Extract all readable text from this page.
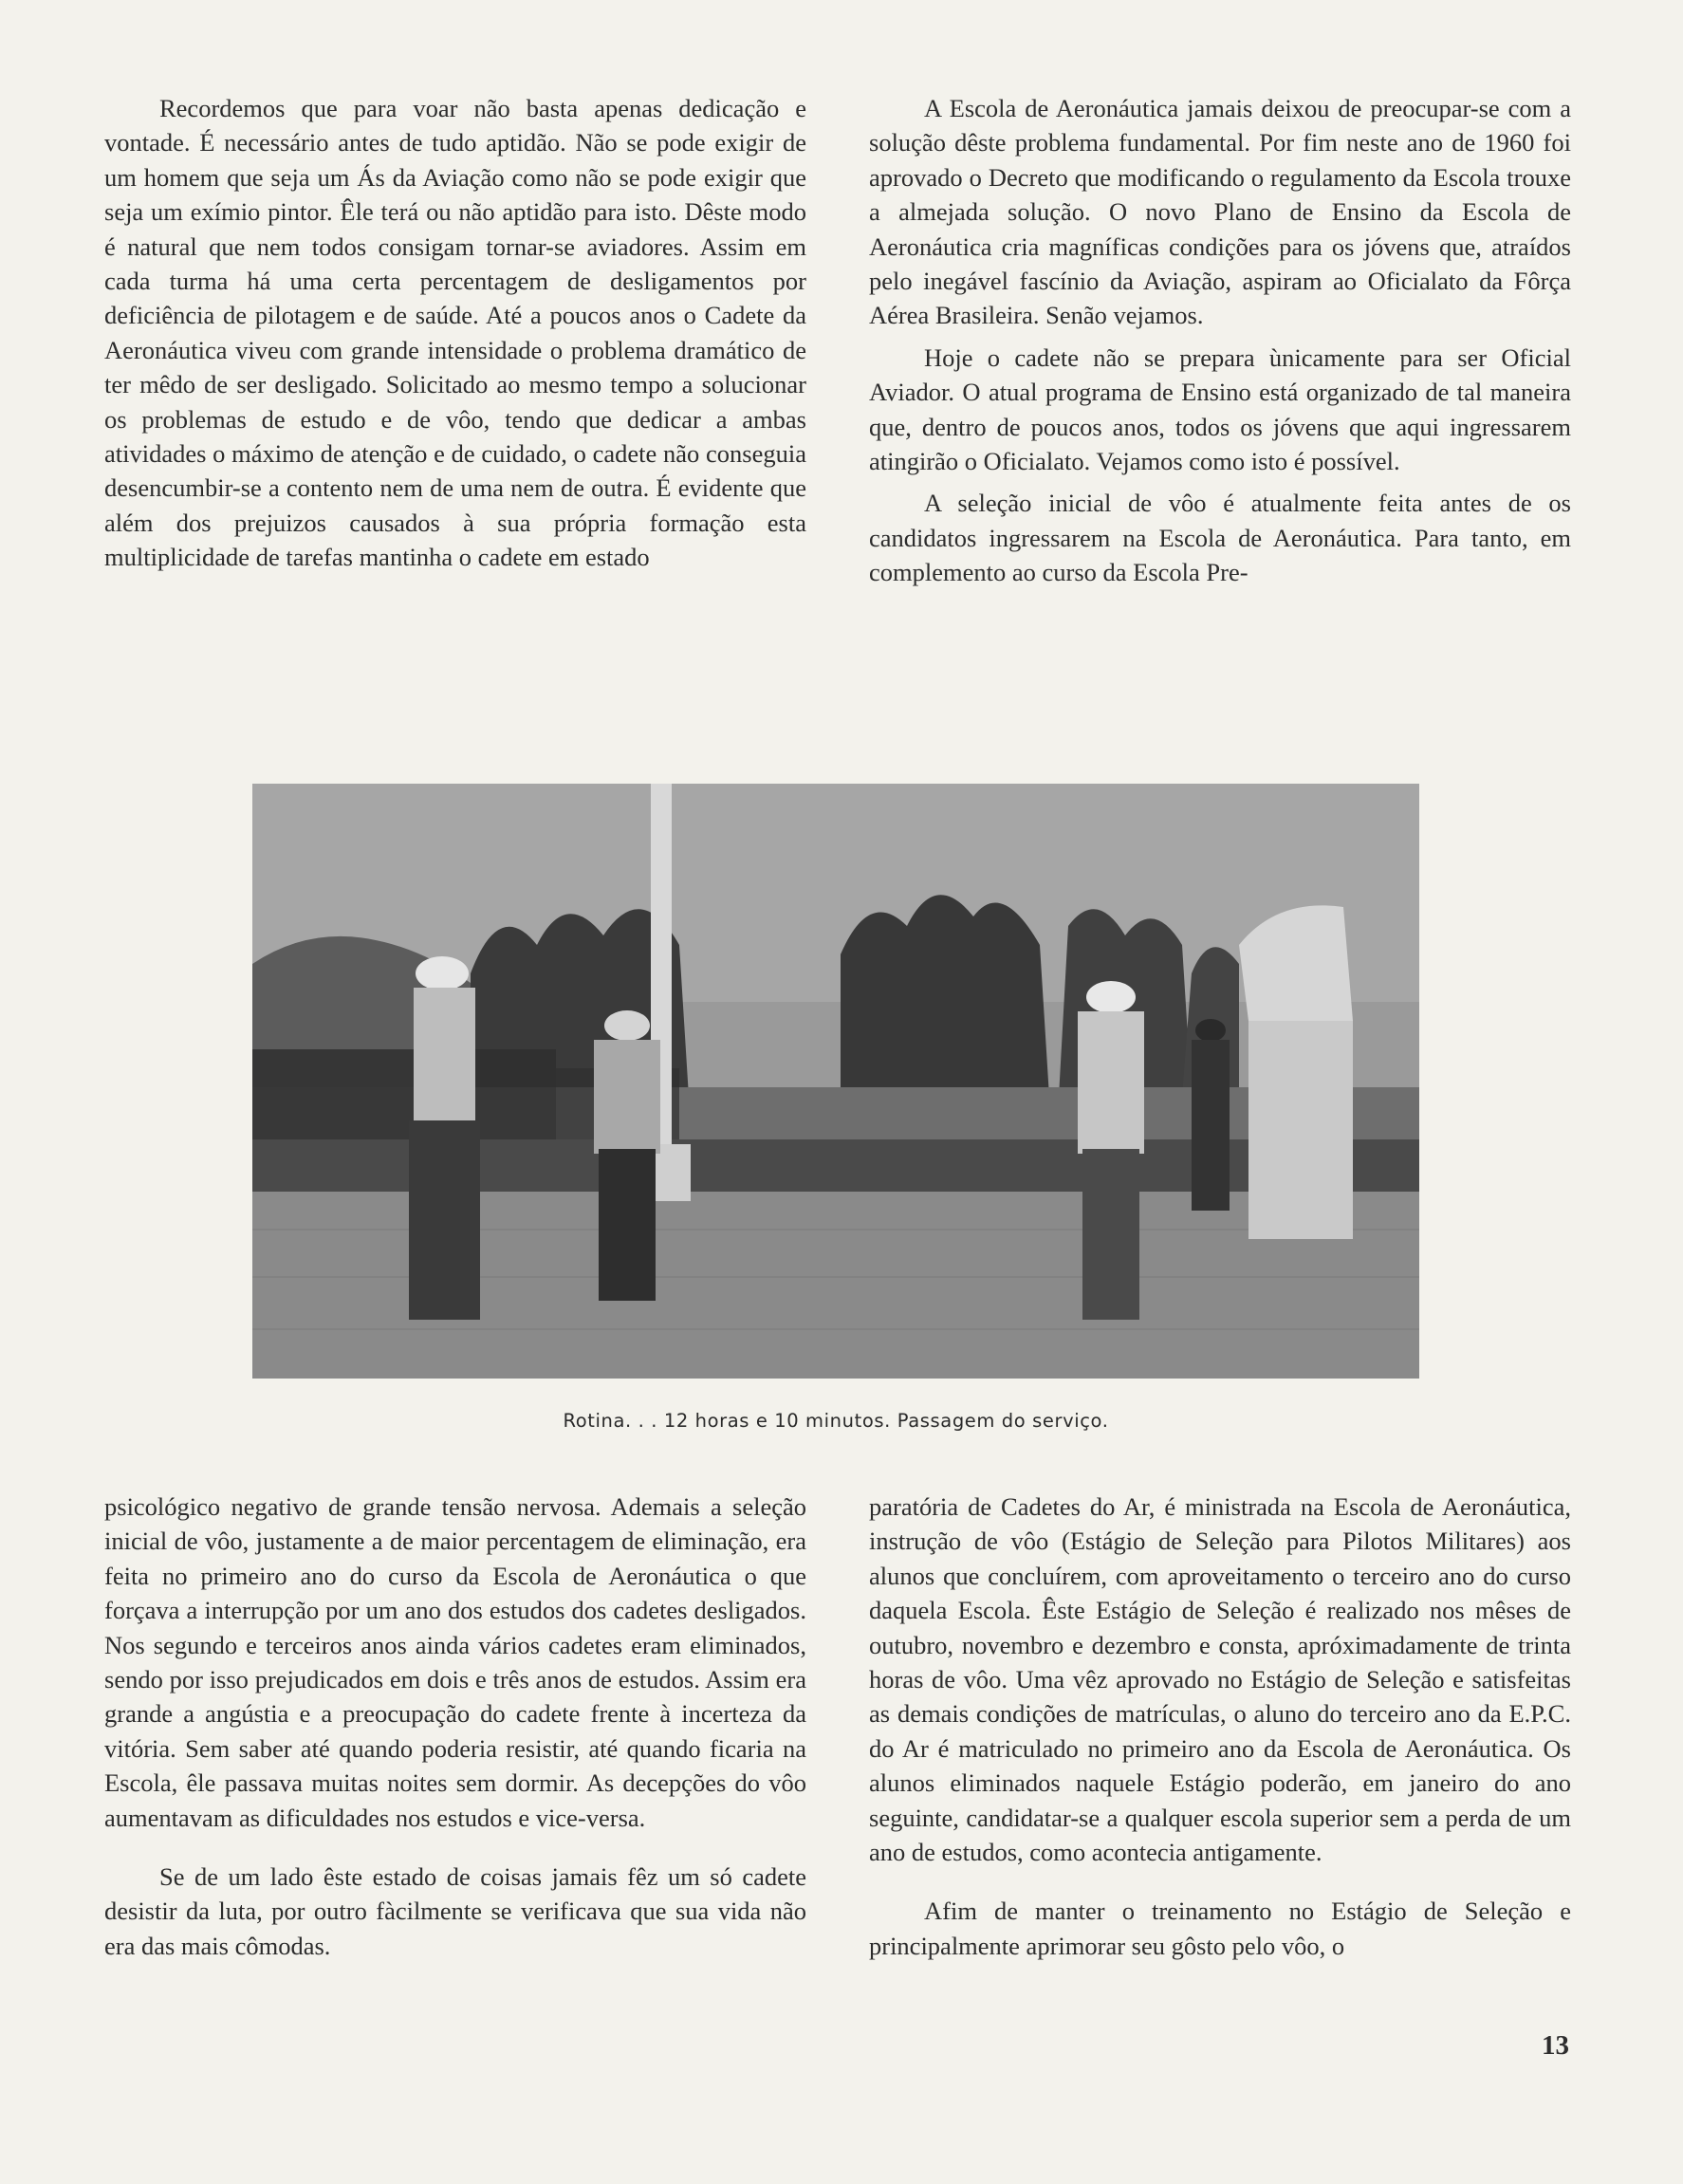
Recordemos que para voar não basta apenas dedicação e vontade. É necessário antes de tudo aptidão. Não se pode exigir de um homem que seja um Ás da Aviação como não se pode exigir que seja um exímio pintor. Êle terá ou não aptidão para isto. Dêste modo é natural que nem todos consigam tornar-se aviadores. Assim em cada turma há uma certa percentagem de desligamentos por deficiência de pilotagem e de saúde. Até a poucos anos o Cadete da Aeronáutica viveu com grande intensidade o problema dramático de ter mêdo de ser desligado. Solicitado ao mesmo tempo a solucionar os problemas de estudo e de vôo, tendo que dedicar a ambas atividades o máximo de atenção e de cuidado, o cadete não conseguia desencumbir-se a contento nem de uma nem de outra. É evidente que além dos prejuizos causados à sua própria formação esta multiplicidade de tarefas mantinha o cadete em estado

A Escola de Aeronáutica jamais deixou de preocupar-se com a solução dêste problema fundamental. Por fim neste ano de 1960 foi aprovado o Decreto que modificando o regulamento da Escola trouxe a almejada solução. O novo Plano de Ensino da Escola de Aeronáutica cria magníficas condições para os jóvens que, atraídos pelo inegável fascínio da Aviação, aspiram ao Oficialato da Fôrça Aérea Brasileira. Senão vejamos.

Hoje o cadete não se prepara ùnicamente para ser Oficial Aviador. O atual programa de Ensino está organizado de tal maneira que, dentro de poucos anos, todos os jóvens que aqui ingressarem atingirão o Oficialato. Vejamos como isto é possível.

A seleção inicial de vôo é atualmente feita antes de os candidatos ingressarem na Escola de Aeronáutica. Para tanto, em complemento ao curso da Escola Pre-

Rotina. . . 12 horas e 10 minutos. Passagem do serviço.

psicológico negativo de grande tensão nervosa. Ademais a seleção inicial de vôo, justamente a de maior percentagem de eliminação, era feita no primeiro ano do curso da Escola de Aeronáutica o que forçava a interrupção por um ano dos estudos dos cadetes desligados. Nos segundo e terceiros anos ainda vários cadetes eram eliminados, sendo por isso prejudicados em dois e três anos de estudos. Assim era grande a angústia e a preocupação do cadete frente à incerteza da vitória. Sem saber até quando poderia resistir, até quando ficaria na Escola, êle passava muitas noites sem dormir. As decepções do vôo aumentavam as dificuldades nos estudos e vice-versa.

Se de um lado êste estado de coisas jamais fêz um só cadete desistir da luta, por outro fàcilmente se verificava que sua vida não era das mais cômodas.

paratória de Cadetes do Ar, é ministrada na Escola de Aeronáutica, instrução de vôo (Estágio de Seleção para Pilotos Militares) aos alunos que concluírem, com aproveitamento o terceiro ano do curso daquela Escola. Êste Estágio de Seleção é realizado nos mêses de outubro, novembro e dezembro e consta, apróximadamente de trinta horas de vôo. Uma vêz aprovado no Estágio de Seleção e satisfeitas as demais condições de matrículas, o aluno do terceiro ano da E.P.C. do Ar é matriculado no primeiro ano da Escola de Aeronáutica. Os alunos eliminados naquele Estágio poderão, em janeiro do ano seguinte, candidatar-se a qualquer escola superior sem a perda de um ano de estudos, como acontecia antigamente.

Afim de manter o treinamento no Estágio de Seleção e principalmente aprimorar seu gôsto pelo vôo, o

13
